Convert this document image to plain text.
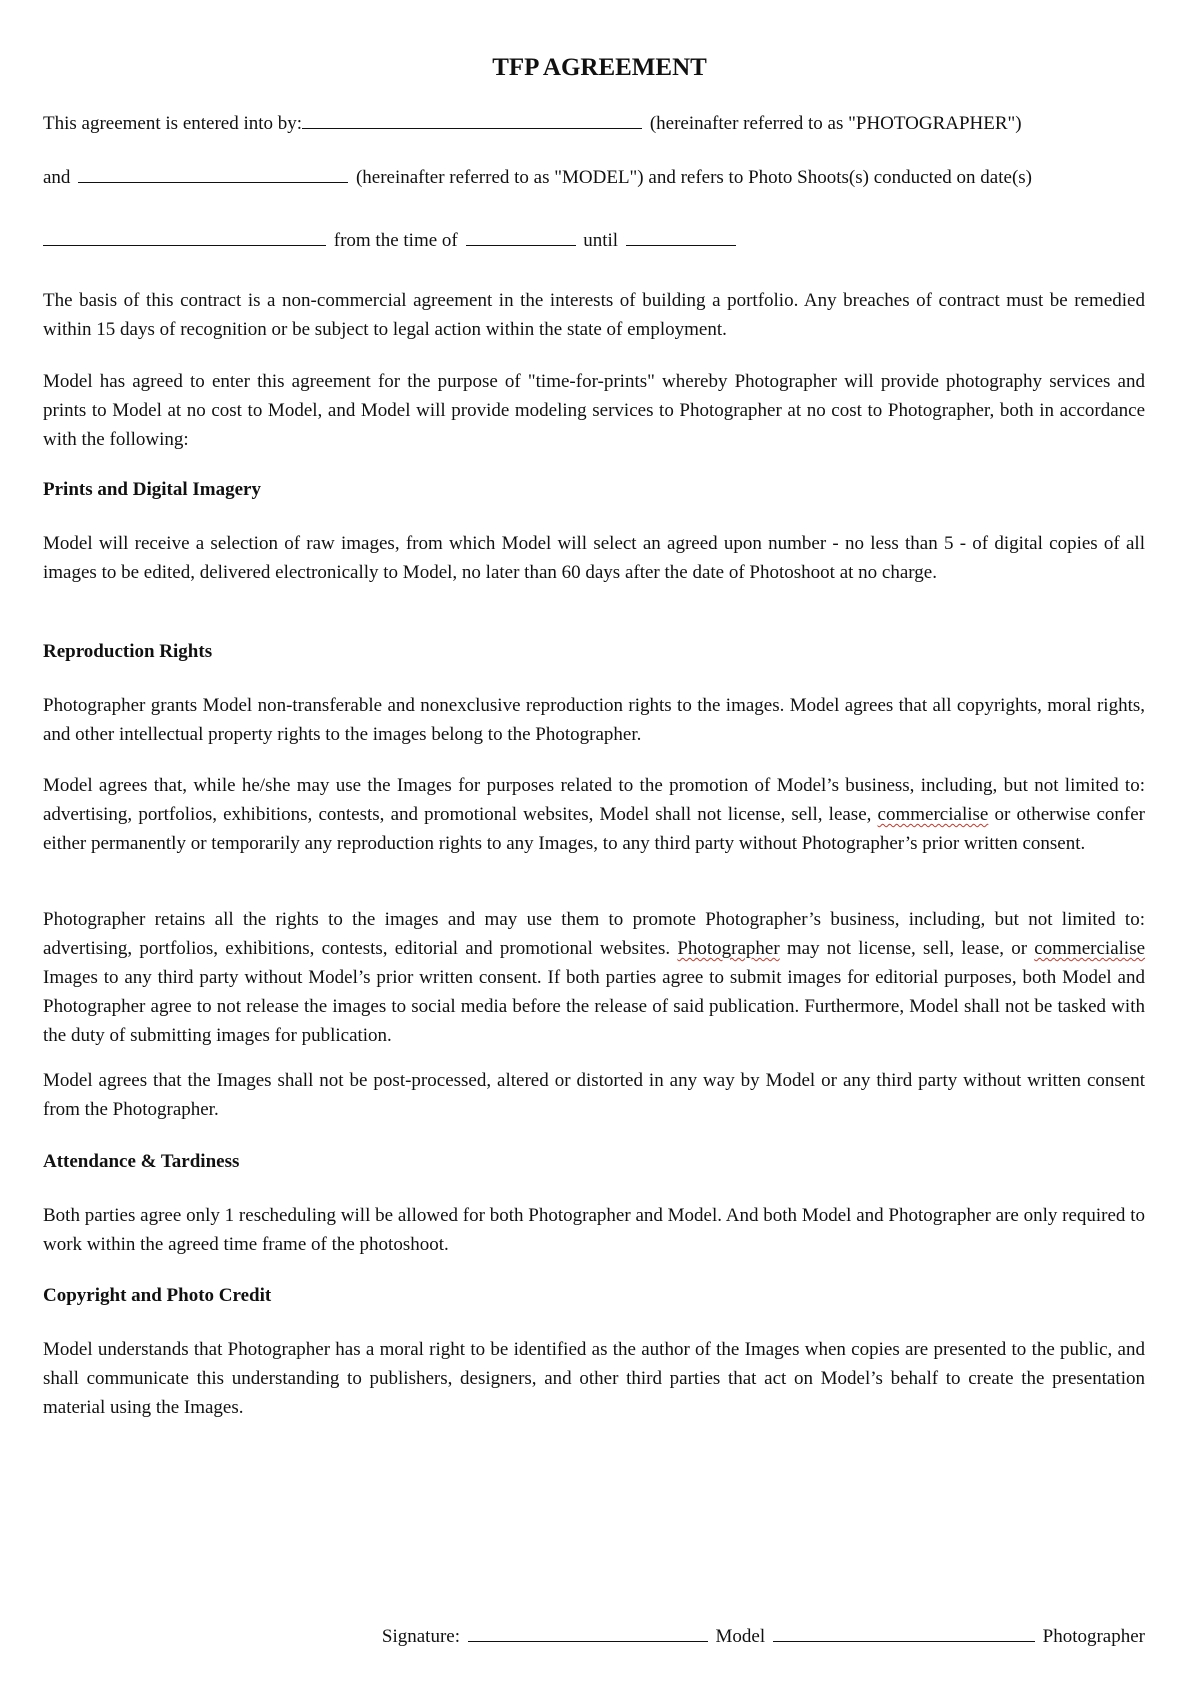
TFP AGREEMENT
This agreement is entered into by:	(hereinafter referred to as "PHOTOGRAPHER")
and	(hereinafter referred to as "MODEL") and refers to Photo Shoots(s) conducted on date(s)
from the time of	until
The basis of this contract is a non-commercial agreement in the interests of building a portfolio. Any breaches of contract must be remedied within 15 days of recognition or be subject to legal action within the state of employment.
Model has agreed to enter this agreement for the purpose of "time-for-prints" whereby Photographer will provide photography services and prints to Model at no cost to Model, and Model will provide modeling services to Photographer at no cost to Photographer, both in accordance with the following:
Prints and Digital Imagery
Model will receive a selection of raw images, from which Model will select an agreed upon number - no less than 5 - of digital copies of all images to be edited, delivered electronically to Model, no later than 60 days after the date of Photoshoot at no charge.
Reproduction Rights
Photographer grants Model non-transferable and nonexclusive reproduction rights to the images. Model agrees that all copyrights, moral rights, and other intellectual property rights to the images belong to the Photographer.
Model agrees that, while he/she may use the Images for purposes related to the promotion of Model’s business, including, but not limited to: advertising, portfolios, exhibitions, contests, and promotional websites, Model shall not license, sell, lease, commercialise or otherwise confer either permanently or temporarily any reproduction rights to any Images, to any third party without Photographer’s prior written consent.
Photographer retains all the rights to the images and may use them to promote Photographer’s business, including, but not limited to: advertising, portfolios, exhibitions, contests, editorial and promotional websites. Photographer may not license, sell, lease, or commercialise Images to any third party without Model’s prior written consent. If both parties agree to submit images for editorial purposes, both Model and Photographer agree to not release the images to social media before the release of said publication. Furthermore, Model shall not be tasked with the duty of submitting images for publication.
Model agrees that the Images shall not be post-processed, altered or distorted in any way by Model or any third party without written consent from the Photographer.
Attendance & Tardiness
Both parties agree only 1 rescheduling will be allowed for both Photographer and Model. And both Model and Photographer are only required to work within the agreed time frame of the photoshoot.
Copyright and Photo Credit
Model understands that Photographer has a moral right to be identified as the author of the Images when copies are presented to the public, and shall communicate this understanding to publishers, designers, and other third parties that act on Model’s behalf to create the presentation material using the Images.
Signature:	Model	Photographer
